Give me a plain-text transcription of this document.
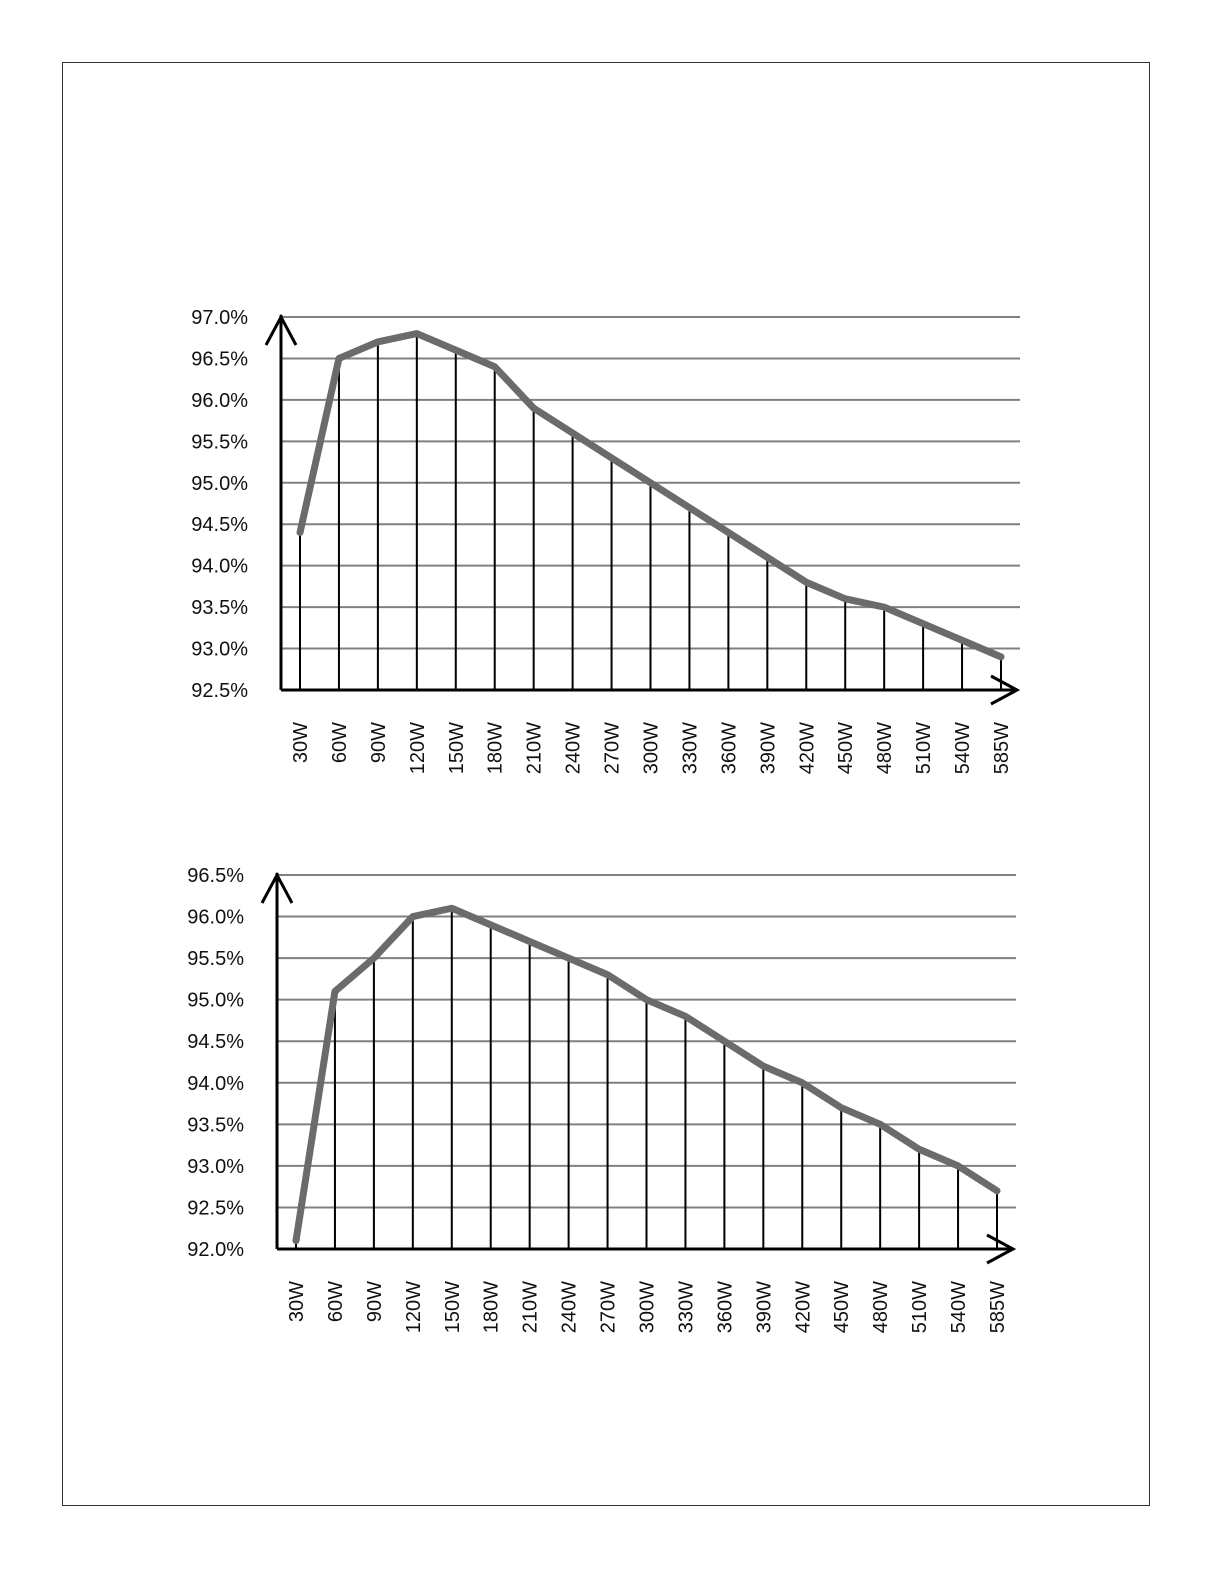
92.5%
93.0%
93.5%
94.0%
94.5%
95.0%
95.5%
96.0%
96.5%
97.0%
30W 60W 90W 120W 150W 180W 210W 240W 270W 300W 330W 360W 390W 420W 450W 480W 510W 540W 585W
92.0%
92.5%
93.0%
93.5%
94.0%
94.5%
95.0%
95.5%
96.0%
96.5%
30W 60W 90W 120W 150W 180W 210W 240W 270W 300W 330W 360W 390W 420W 450W 480W 510W 540W 585W
